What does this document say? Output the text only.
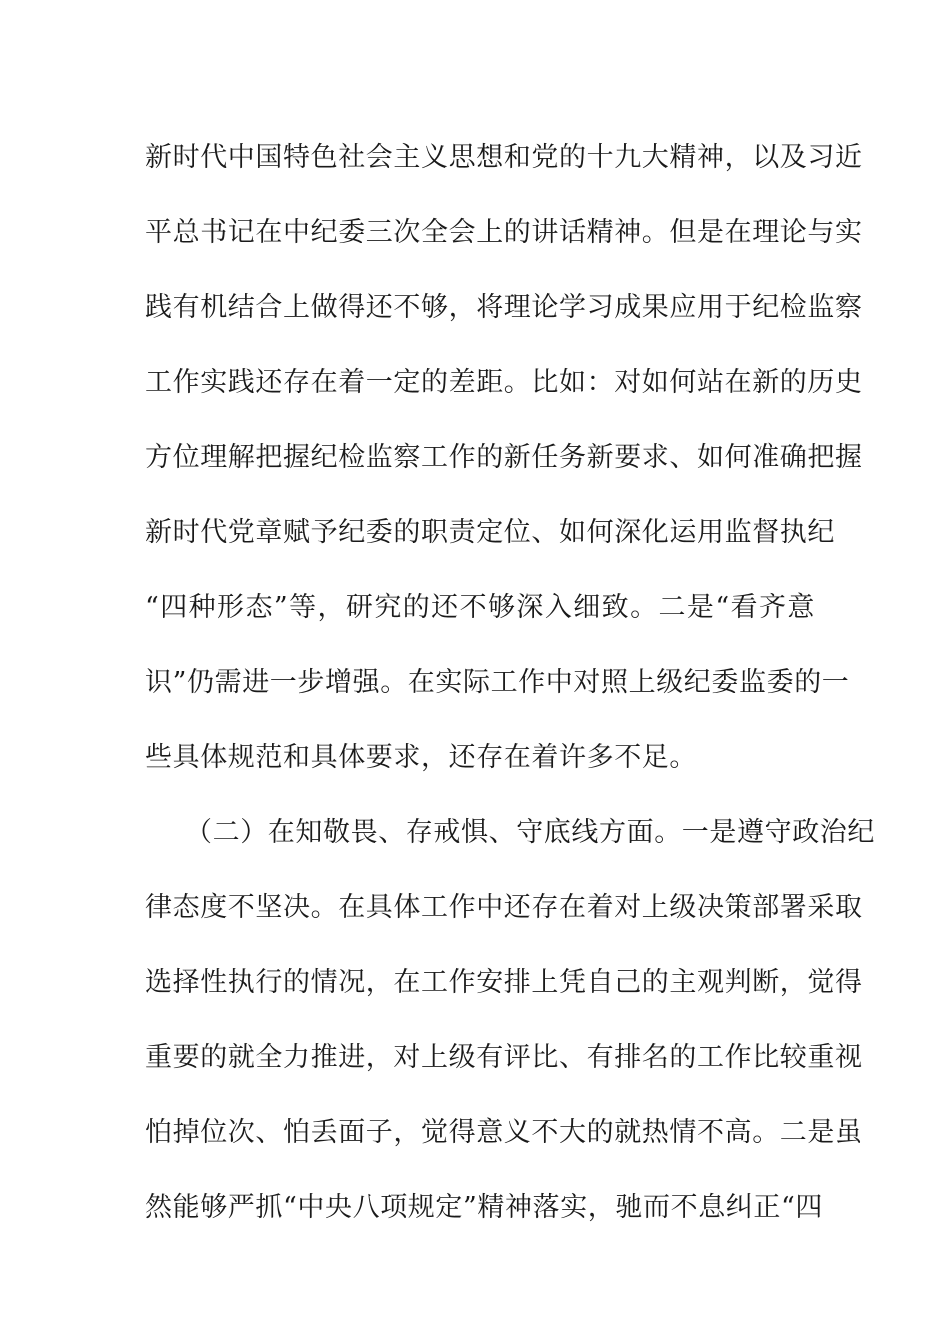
新时代中国特色社会主义思想和党的十九大精神，以及习近
平总书记在中纪委三次全会上的讲话精神。但是在理论与实
践有机结合上做得还不够，将理论学习成果应用于纪检监察
工作实践还存在着一定的差距。比如：对如何站在新的历史
方位理解把握纪检监察工作的新任务新要求、如何准确把握
新时代党章赋予纪委的职责定位、如何深化运用监督执纪
“四种形态”等，研究的还不够深入细致。二是“看齐意
识”仍需进一步增强。在实际工作中对照上级纪委监委的一
些具体规范和具体要求，还存在着许多不足。
（二）在知敬畏、存戒惧、守底线方面。一是遵守政治纪
律态度不坚决。在具体工作中还存在着对上级决策部署采取
选择性执行的情况，在工作安排上凭自己的主观判断，觉得
重要的就全力推进，对上级有评比、有排名的工作比较重视
怕掉位次、怕丢面子，觉得意义不大的就热情不高。二是虽
然能够严抓“中央八项规定”精神落实，驰而不息纠正“四
